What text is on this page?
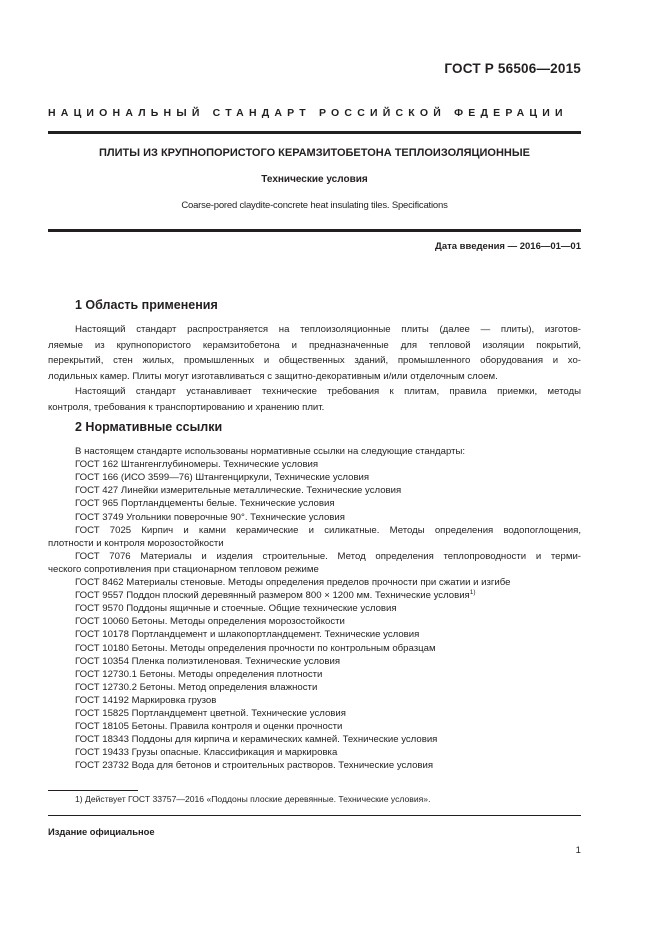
ГОСТ Р 56506—2015
НАЦИОНАЛЬНЫЙ СТАНДАРТ РОССИЙСКОЙ ФЕДЕРАЦИИ
ПЛИТЫ ИЗ КРУПНОПОРИСТОГО КЕРАМЗИТОБЕТОНА ТЕПЛОИЗОЛЯЦИОННЫЕ
Технические условия
Coarse-pored claydite-concrete heat insulating tiles. Specifications
Дата введения — 2016—01—01
1 Область применения
Настоящий стандарт распространяется на теплоизоляционные плиты (далее — плиты), изготов-
ляемые из крупнопористого керамзитобетона и предназначенные для тепловой изоляции покрытий,
перекрытий, стен жилых, промышленных и общественных зданий, промышленного оборудования и хо-
лодильных камер. Плиты могут изготавливаться с защитно-декоративным и/или отделочным слоем.
Настоящий стандарт устанавливает технические требования к плитам, правила приемки, методы
контроля, требования к транспортированию и хранению плит.
2 Нормативные ссылки
В настоящем стандарте использованы нормативные ссылки на следующие стандарты:
ГОСТ 162 Штангенглубиномеры. Технические условия
ГОСТ 166 (ИСО 3599—76) Штангенциркули, Технические условия
ГОСТ 427 Линейки измерительные металлические. Технические условия
ГОСТ 965 Портландцементы белые. Технические условия
ГОСТ 3749 Угольники поверочные 90°. Технические условия
ГОСТ 7025 Кирпич и камни керамические и силикатные. Методы определения водопоглощения,
плотности и контроля морозостойкости
ГОСТ 7076 Материалы и изделия строительные. Метод определения теплопроводности и терми-
ческого сопротивления при стационарном тепловом режиме
ГОСТ 8462 Материалы стеновые. Методы определения пределов прочности при сжатии и изгибе
ГОСТ 9557 Поддон плоский деревянный размером 800 × 1200 мм. Технические условия$^{1)}$
ГОСТ 9570 Поддоны ящичные и стоечные. Общие технические условия
ГОСТ 10060 Бетоны. Методы определения морозостойкости
ГОСТ 10178 Портландцемент и шлакопортландцемент. Технические условия
ГОСТ 10180 Бетоны. Методы определения прочности по контрольным образцам
ГОСТ 10354 Пленка полиэтиленовая. Технические условия
ГОСТ 12730.1 Бетоны. Методы определения плотности
ГОСТ 12730.2 Бетоны. Метод определения влажности
ГОСТ 14192 Маркировка грузов
ГОСТ 15825 Портландцемент цветной. Технические условия
ГОСТ 18105 Бетоны. Правила контроля и оценки прочности
ГОСТ 18343 Поддоны для кирпича и керамических камней. Технические условия
ГОСТ 19433 Грузы опасные. Классификация и маркировка
ГОСТ 23732 Вода для бетонов и строительных растворов. Технические условия
1) Действует ГОСТ 33757—2016 «Поддоны плоские деревянные. Технические условия».
Издание официальное
1
